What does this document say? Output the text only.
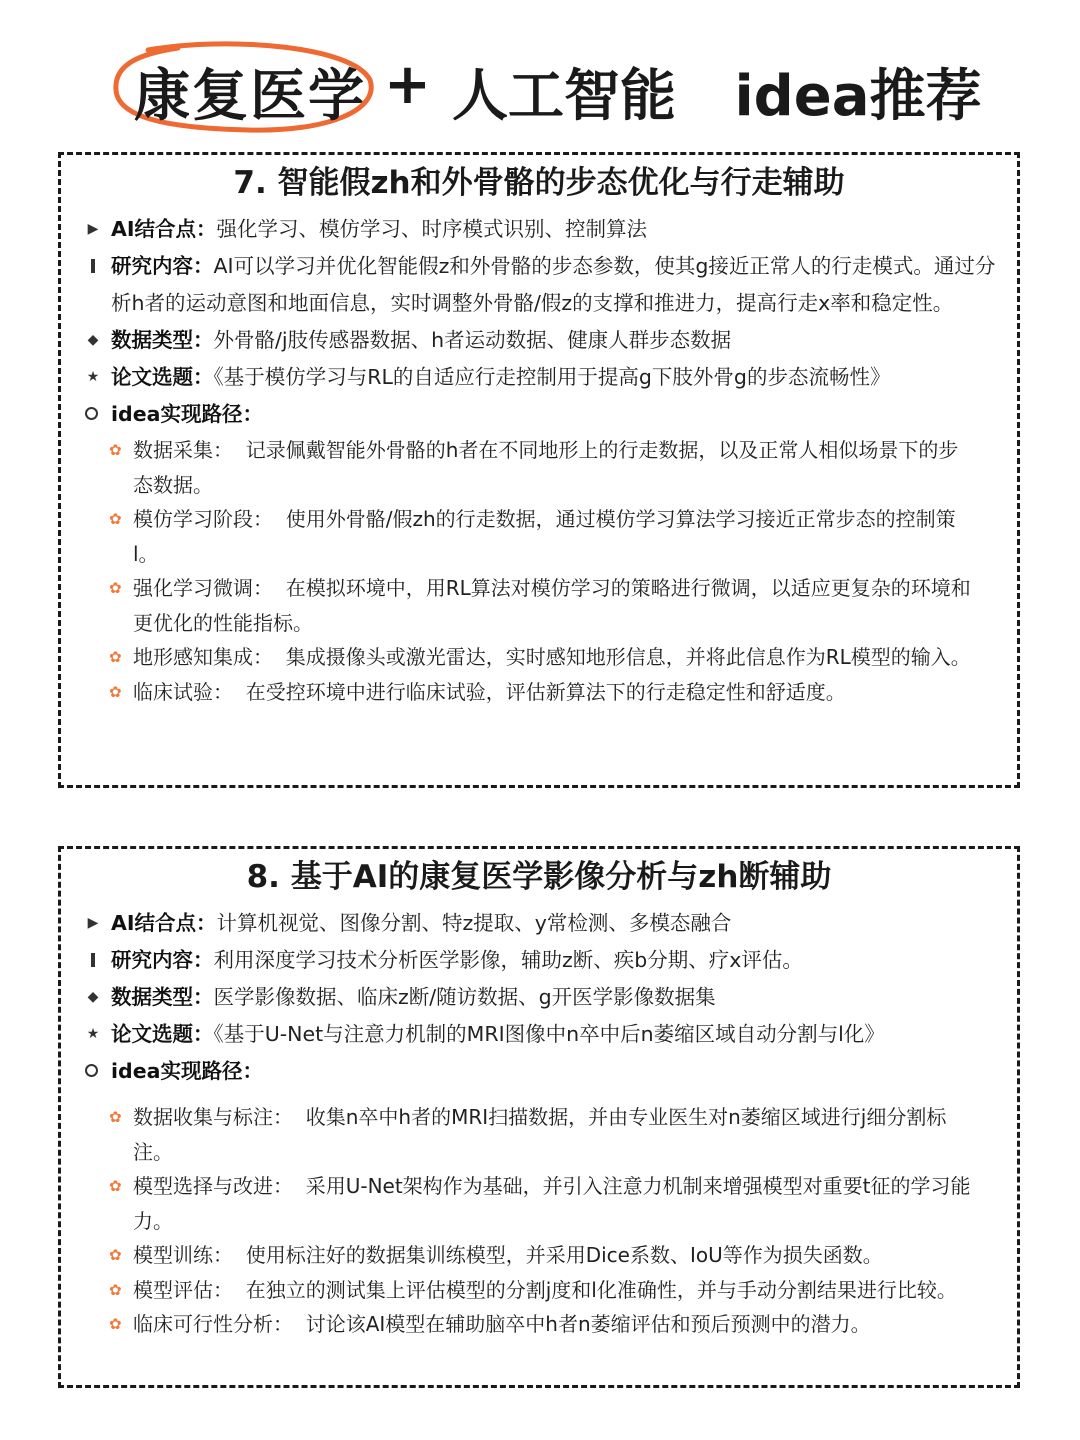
康复医学 + 人工智能   idea推荐
7. 智能假zh和外骨骼的步态优化与行走辅助
▶ AI结合点：强化学习、模仿学习、时序模式识别、控制算法
研究内容：AI可以学习并优化智能假z和外骨骼的步态参数，使其g接近正常人的行走模式。通过分析h者的运动意图和地面信息，实时调整外骨骼/假z的支撑和推进力，提高行走x率和稳定性。
◆ 数据类型：外骨骼/j肢传感器数据、h者运动数据、健康人群步态数据
★ 论文选题：《基于模仿学习与RL的自适应行走控制用于提高g下肢外骨g的步态流畅性》
idea实现路径：
✿ 数据采集： 记录佩戴智能外骨骼的h者在不同地形上的行走数据，以及正常人相似场景下的步态数据。
✿ 模仿学习阶段： 使用外骨骼/假zh的行走数据，通过模仿学习算法学习接近正常步态的控制策l。
✿ 强化学习微调： 在模拟环境中，用RL算法对模仿学习的策略进行微调，以适应更复杂的环境和更优化的性能指标。
✿ 地形感知集成： 集成摄像头或激光雷达，实时感知地形信息，并将此信息作为RL模型的输入。
✿ 临床试验： 在受控环境中进行临床试验，评估新算法下的行走稳定性和舒适度。
8. 基于AI的康复医学影像分析与zh断辅助
▶ AI结合点：计算机视觉、图像分割、特z提取、y常检测、多模态融合
研究内容：利用深度学习技术分析医学影像，辅助z断、疾b分期、疗x评估。
◆ 数据类型：医学影像数据、临床z断/随访数据、g开医学影像数据集
★ 论文选题：《基于U-Net与注意力机制的MRI图像中n卒中后n萎缩区域自动分割与l化》
idea实现路径：
✿ 数据收集与标注： 收集n卒中h者的MRI扫描数据，并由专业医生对n萎缩区域进行j细分割标注。
✿ 模型选择与改进： 采用U-Net架构作为基础，并引入注意力机制来增强模型对重要t征的学习能力。
✿ 模型训练： 使用标注好的数据集训练模型，并采用Dice系数、IoU等作为损失函数。
✿ 模型评估： 在独立的测试集上评估模型的分割j度和l化准确性，并与手动分割结果进行比较。
✿ 临床可行性分析： 讨论该AI模型在辅助脑卒中h者n萎缩评估和预后预测中的潜力。
